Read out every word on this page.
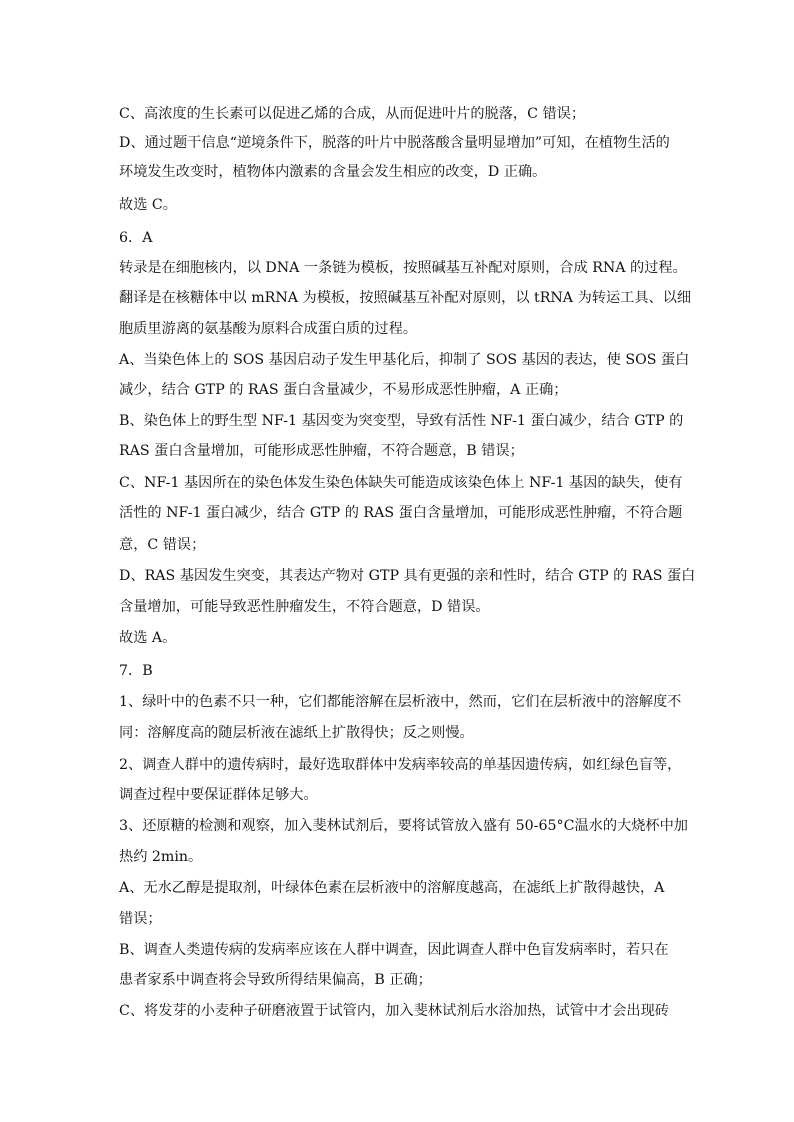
C、高浓度的生长素可以促进乙烯的合成，从而促进叶片的脱落，C 错误；
D、通过题干信息“逆境条件下，脱落的叶片中脱落酸含量明显增加”可知，在植物生活的
环境发生改变时，植物体内激素的含量会发生相应的改变，D 正确。
故选 C。
6．A
转录是在细胞核内，以 DNA 一条链为模板，按照碱基互补配对原则，合成 RNA 的过程。
翻译是在核糖体中以 mRNA 为模板，按照碱基互补配对原则，以 tRNA 为转运工具、以细
胞质里游离的氨基酸为原料合成蛋白质的过程。
A、当染色体上的 SOS 基因启动子发生甲基化后，抑制了 SOS 基因的表达，使 SOS 蛋白
减少，结合 GTP 的 RAS 蛋白含量减少，不易形成恶性肿瘤，A 正确；
B、染色体上的野生型 NF-1 基因变为突变型，导致有活性 NF-1 蛋白减少，结合 GTP 的
RAS 蛋白含量增加，可能形成恶性肿瘤，不符合题意，B 错误；
C、NF-1 基因所在的染色体发生染色体缺失可能造成该染色体上 NF-1 基因的缺失，使有
活性的 NF-1 蛋白减少，结合 GTP 的 RAS 蛋白含量增加，可能形成恶性肿瘤，不符合题
意，C 错误；
D、RAS 基因发生突变，其表达产物对 GTP 具有更强的亲和性时，结合 GTP 的 RAS 蛋白
含量增加，可能导致恶性肿瘤发生，不符合题意，D 错误。
故选 A。
7．B
1、绿叶中的色素不只一种，它们都能溶解在层析液中，然而，它们在层析液中的溶解度不
同：溶解度高的随层析液在滤纸上扩散得快；反之则慢。
2、调查人群中的遗传病时，最好选取群体中发病率较高的单基因遗传病，如红绿色盲等，
调查过程中要保证群体足够大。
3、还原糖的检测和观察，加入斐林试剂后，要将试管放入盛有 50-65°C温水的大烧杯中加
热约 2min。
A、无水乙醇是提取剂，叶绿体色素在层析液中的溶解度越高，在滤纸上扩散得越快，A
错误；
B、调查人类遗传病的发病率应该在人群中调查，因此调查人群中色盲发病率时，若只在
患者家系中调查将会导致所得结果偏高，B 正确；
C、将发芽的小麦种子研磨液置于试管内，加入斐林试剂后水浴加热，试管中才会出现砖
